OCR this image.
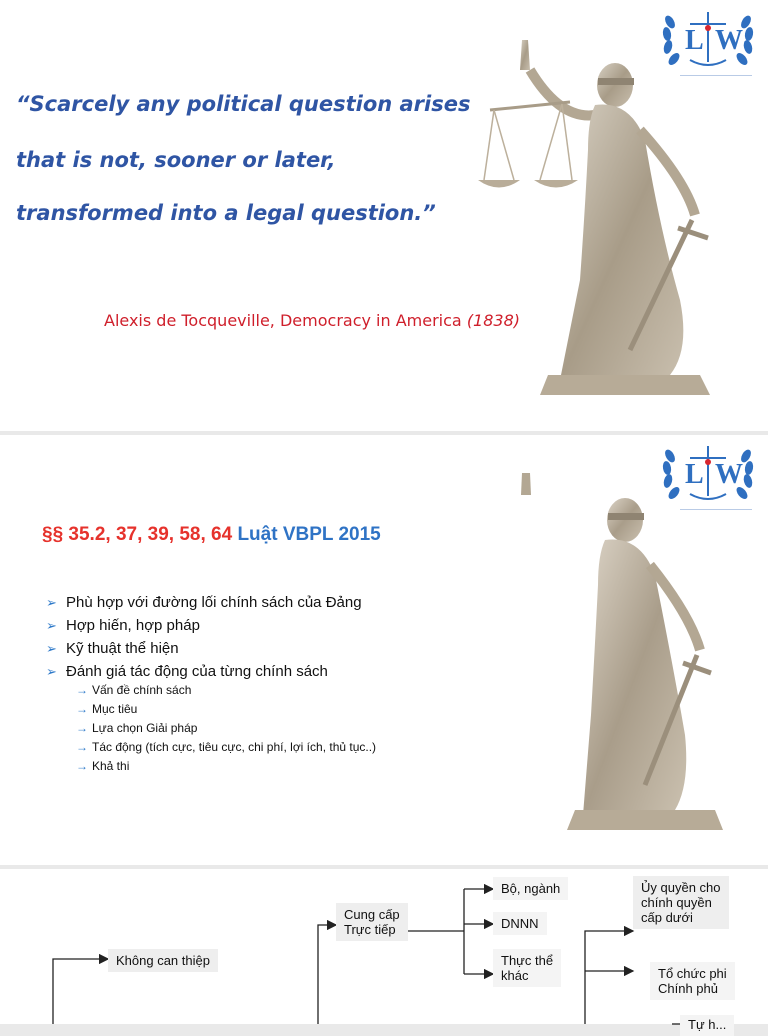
L W

“Scarcely any political question arises

that is not, sooner or later,

transformed into a legal question.”

Alexis de Tocqueville, Democracy in America (1838)

L W

§§ 35.2, 37, 39, 58, 64 Luật VBPL 2015

➢ Phù hợp với đường lối chính sách của Đảng
➢ Hợp hiến, hợp pháp
➢ Kỹ thuật thể hiện
➢ Đánh giá tác động của từng chính sách
→ Vấn đề chính sách
→ Mục tiêu
→ Lựa chọn Giải pháp
→ Tác động (tích cực, tiêu cực, chi phí, lợi ích, thủ tục..)
→ Khả thi
Không can thiệp
Cung cấp
Trực tiếp
Bộ, ngành
DNNN
Thực thể
khác
Ủy quyền cho
chính quyền
cấp dưới
Tổ chức phi
Chính phủ
Tự h...
